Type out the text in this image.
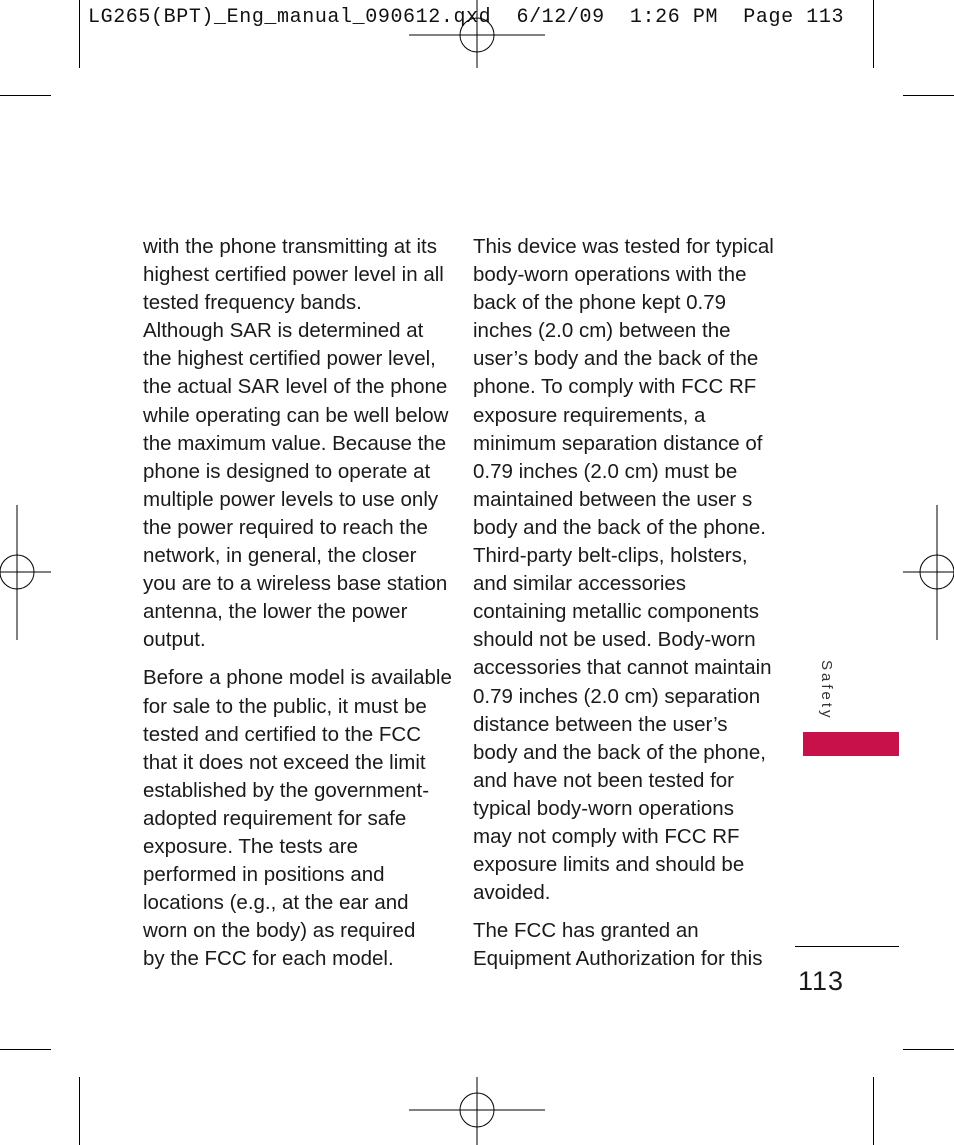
LG265(BPT)_Eng_manual_090612.qxd  6/12/09  1:26 PM  Page 113

with the phone transmitting at its
highest certified power level in all
tested frequency bands.
Although SAR is determined at
the highest certified power level,
the actual SAR level of the phone
while operating can be well below
the maximum value. Because the
phone is designed to operate at
multiple power levels to use only
the power required to reach the
network, in general, the closer
you are to a wireless base station
antenna, the lower the power
output.

Before a phone model is available
for sale to the public, it must be
tested and certified to the FCC
that it does not exceed the limit
established by the government-
adopted requirement for safe
exposure. The tests are
performed in positions and
locations (e.g., at the ear and
worn on the body) as required
by the FCC for each model.

This device was tested for typical
body-worn operations with the
back of the phone kept 0.79
inches (2.0 cm) between the
user’s body and the back of the
phone. To comply with FCC RF
exposure requirements, a
minimum separation distance of
0.79 inches (2.0 cm) must be
maintained between the user s
body and the back of the phone.
Third-party belt-clips, holsters,
and similar accessories
containing metallic components
should not be used. Body-worn
accessories that cannot maintain
0.79 inches (2.0 cm) separation
distance between the user’s
body and the back of the phone,
and have not been tested for
typical body-worn operations
may not comply with FCC RF
exposure limits and should be
avoided.

The FCC has granted an
Equipment Authorization for this

Safety
113
